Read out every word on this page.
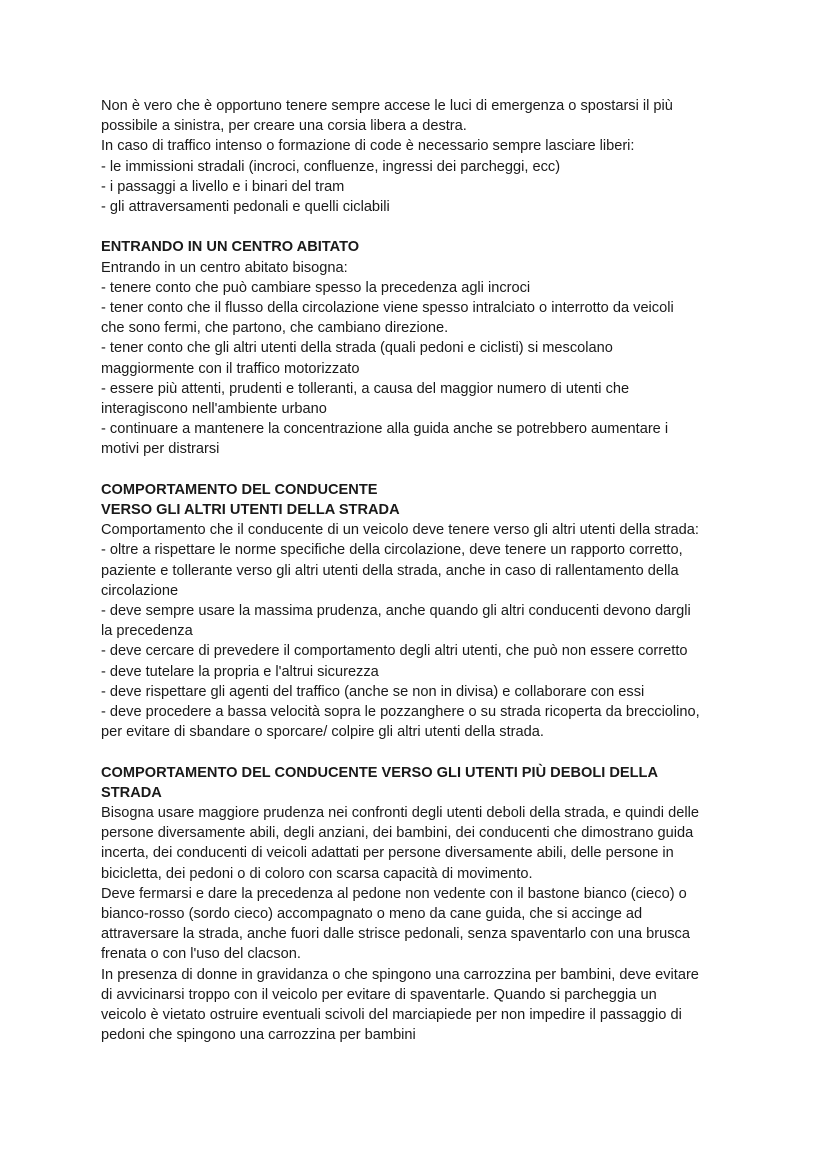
Non è vero che è opportuno tenere sempre accese le luci di emergenza o spostarsi il più
possibile a sinistra, per creare una corsia libera a destra.
In caso di traffico intenso o formazione di code è necessario sempre lasciare liberi:
- le immissioni stradali (incroci, confluenze, ingressi dei parcheggi, ecc)
- i passaggi a livello e i binari del tram
- gli attraversamenti pedonali e quelli ciclabili
ENTRANDO IN UN CENTRO ABITATO
Entrando in un centro abitato bisogna:
- tenere conto che può cambiare spesso la precedenza agli incroci
- tener conto che il flusso della circolazione viene spesso intralciato o interrotto da veicoli
che sono fermi, che partono, che cambiano direzione.
- tener conto che gli altri utenti della strada (quali pedoni e ciclisti) si mescolano
maggiormente con il traffico motorizzato
- essere più attenti, prudenti e tolleranti, a causa del maggior numero di utenti che
interagiscono nell'ambiente urbano
- continuare a mantenere la concentrazione alla guida anche se potrebbero aumentare i
motivi per distrarsi
COMPORTAMENTO DEL CONDUCENTE
VERSO GLI ALTRI UTENTI DELLA STRADA
Comportamento che il conducente di un veicolo deve tenere verso gli altri utenti della strada:
- oltre a rispettare le norme specifiche della circolazione, deve tenere un rapporto corretto,
paziente e tollerante verso gli altri utenti della strada, anche in caso di rallentamento della
circolazione
- deve sempre usare la massima prudenza, anche quando gli altri conducenti devono dargli
la precedenza
- deve cercare di prevedere il comportamento degli altri utenti, che può non essere corretto
- deve tutelare la propria e l'altrui sicurezza
- deve rispettare gli agenti del traffico (anche se non in divisa) e collaborare con essi
- deve procedere a bassa velocità sopra le pozzanghere o su strada ricoperta da brecciolino,
per evitare di sbandare o sporcare/ colpire gli altri utenti della strada.
COMPORTAMENTO DEL CONDUCENTE VERSO GLI UTENTI PIÙ DEBOLI DELLA
STRADA
Bisogna usare maggiore prudenza nei confronti degli utenti deboli della strada, e quindi delle
persone diversamente abili, degli anziani, dei bambini, dei conducenti che dimostrano guida
incerta, dei conducenti di veicoli adattati per persone diversamente abili, delle persone in
bicicletta, dei pedoni o di coloro con scarsa capacità di movimento.
Deve fermarsi e dare la precedenza al pedone non vedente con il bastone bianco (cieco) o
bianco-rosso (sordo cieco) accompagnato o meno da cane guida, che si accinge ad
attraversare la strada, anche fuori dalle strisce pedonali, senza spaventarlo con una brusca
frenata o con l'uso del clacson.
In presenza di donne in gravidanza o che spingono una carrozzina per bambini, deve evitare
di avvicinarsi troppo con il veicolo per evitare di spaventarle. Quando si parcheggia un
veicolo è vietato ostruire eventuali scivoli del marciapiede per non impedire il passaggio di
pedoni che spingono una carrozzina per bambini
